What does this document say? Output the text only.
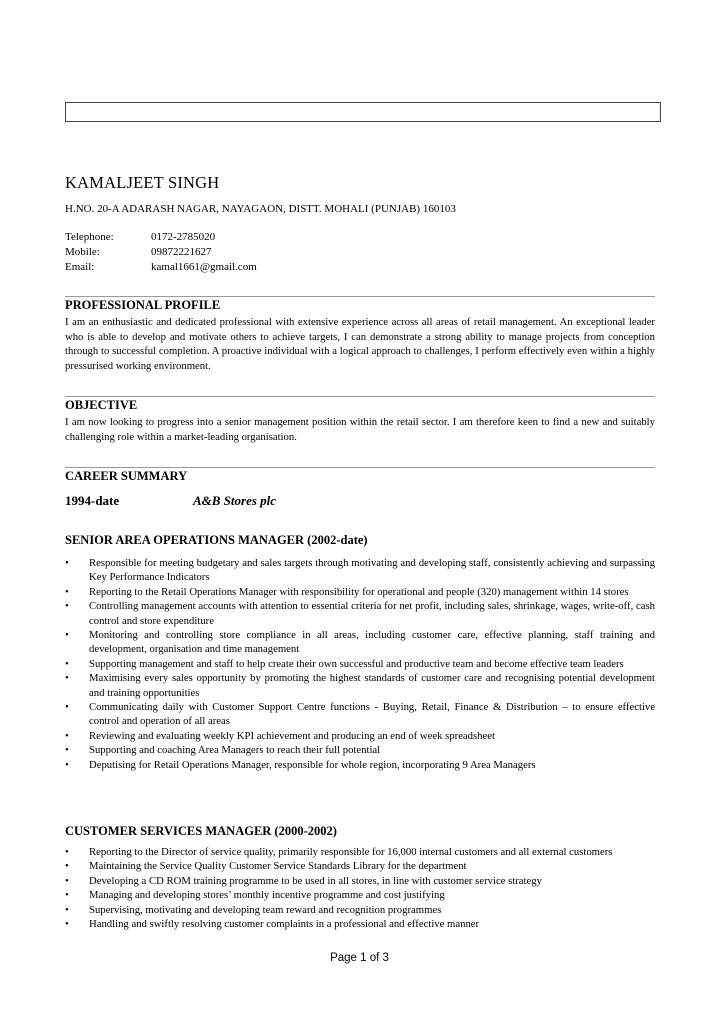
KAMALJEET SINGH
H.NO. 20-A ADARASH NAGAR, NAYAGAON, DISTT. MOHALI (PUNJAB) 160103
Telephone:	0172-2785020
Mobile:	09872221627
Email:	kamal1661@gmail.com
PROFESSIONAL PROFILE
I am an enthusiastic and dedicated professional with extensive experience across all areas of retail management. An exceptional leader who is able to develop and motivate others to achieve targets, I can demonstrate a strong ability to manage projects from conception through to successful completion. A proactive individual with a logical approach to challenges, I perform effectively even within a highly pressurised working environment.
OBJECTIVE
I am now looking to progress into a senior management position within the retail sector. I am therefore keen to find a new and suitably challenging role within a market-leading organisation.
CAREER SUMMARY
1994-date	A&B Stores plc
SENIOR AREA OPERATIONS MANAGER (2002-date)
• Responsible for meeting budgetary and sales targets through motivating and developing staff, consistently achieving and surpassing Key Performance Indicators
• Reporting to the Retail Operations Manager with responsibility for operational and people (320) management within 14 stores
• Controlling management accounts with attention to essential criteria for net profit, including sales, shrinkage, wages, write-off, cash control and store expenditure
• Monitoring and controlling store compliance in all areas, including customer care, effective planning, staff training and development, organisation and time management
• Supporting management and staff to help create their own successful and productive team and become effective team leaders
• Maximising every sales opportunity by promoting the highest standards of customer care and recognising potential development and training opportunities
• Communicating daily with Customer Support Centre functions - Buying, Retail, Finance & Distribution – to ensure effective control and operation of all areas
• Reviewing and evaluating weekly KPI achievement and producing an end of week spreadsheet
• Supporting and coaching Area Managers to reach their full potential
• Deputising for Retail Operations Manager, responsible for whole region, incorporating 9 Area Managers
CUSTOMER SERVICES MANAGER (2000-2002)
• Reporting to the Director of service quality, primarily responsible for 16,000 internal customers and all external customers
• Maintaining the Service Quality Customer Service Standards Library for the department
• Developing a CD ROM training programme to be used in all stores, in line with customer service strategy
• Managing and developing stores’ monthly incentive programme and cost justifying
• Supervising, motivating and developing team reward and recognition programmes
• Handling and swiftly resolving customer complaints in a professional and effective manner
Page 1 of 3
